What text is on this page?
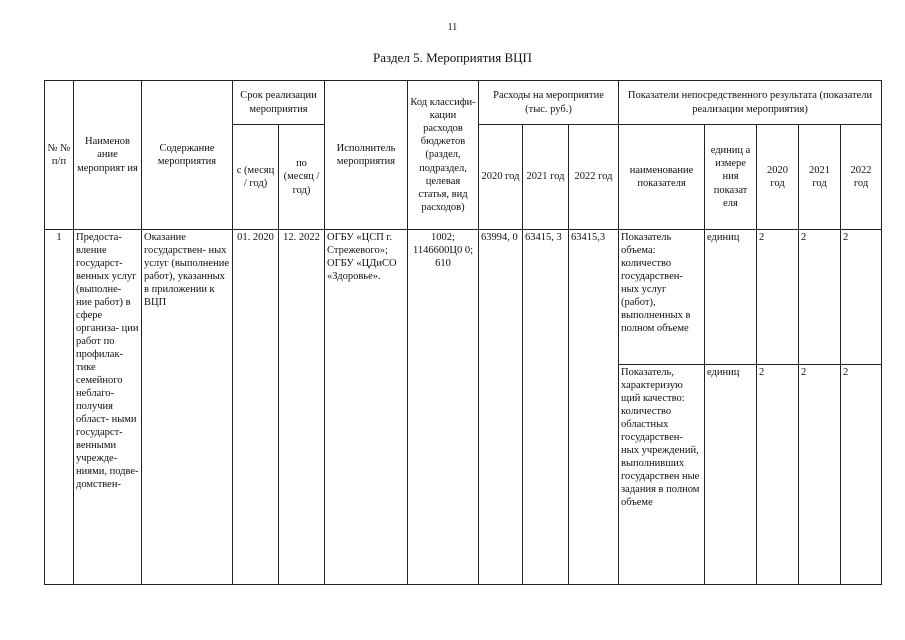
11
Раздел 5. Мероприятия ВЦП
№ № п/п	Наименов ание мероприят ия	Содержание мероприятия	Срок реализации мероприятия		Исполнитель мероприятия	Код классифи- кации расходов бюджетов (раздел, подраздел, целевая статья, вид расходов)	Расходы на мероприятие (тыс. руб.)			Показатели непосредственного результата (показатели реализации мероприятия)				
			с (месяц / год)	по (месяц / год)			2020 год	2021 год	2022 год	наименование показателя	единиц а измере ния показат еля	2020 год	2021 год	2022 год
1	Предоста- вление государст- венных услуг (выполне- ние работ) в сфере организа- ции работ по профилак- тике семейного неблаго- получия област- ными государст- венными учрежде- ниями, подве- домствен-	Оказание государствен- ных услуг (выполнение работ), указанных в приложении к ВЦП	01. 2020	12. 2022	ОГБУ «ЦСП г. Стрежевого»; ОГБУ «ЦДиСО «Здоровье».	1002; 1146600Ц0 0; 610	63994, 0	63415, 3	63415,3	Показатель объема: количество государствен- ных услуг (работ), выполненных в полном объеме	единиц	2	2	2
										Показатель, характеризую щий качество: количество областных государствен- ных учреждений, выполнивших государствен ные задания в полном объеме	единиц	2	2	2
